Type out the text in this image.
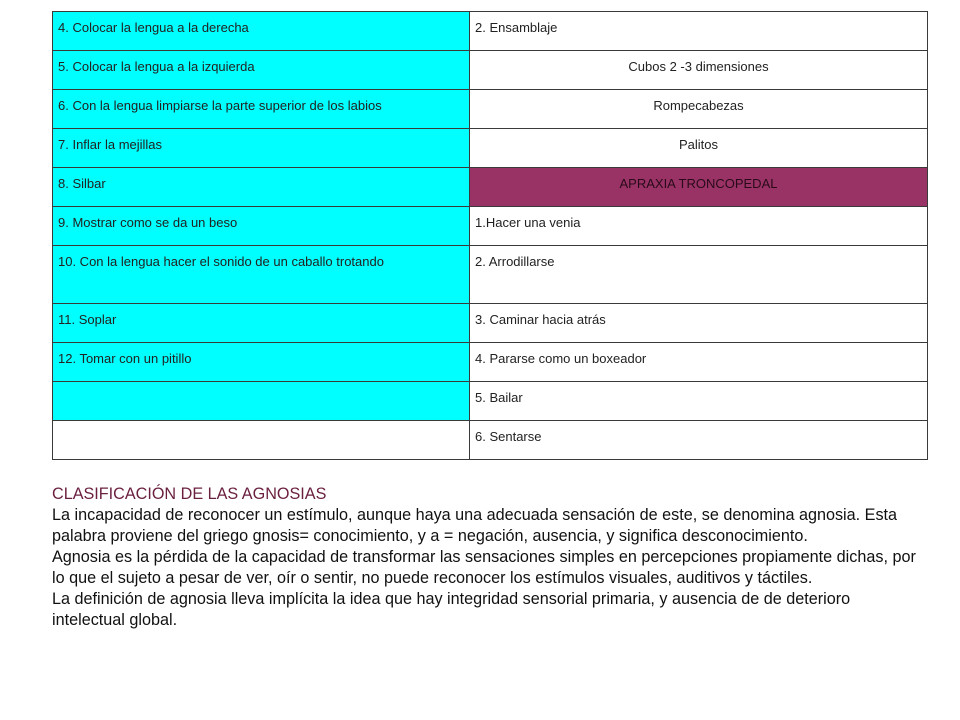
4. Colocar la lengua a la derecha	2. Ensamblaje
5. Colocar la lengua a la izquierda	Cubos 2 -3 dimensiones
6. Con la lengua limpiarse la parte superior de los labios	Rompecabezas
7. Inflar la mejillas	Palitos
8. Silbar	APRAXIA TRONCOPEDAL
9. Mostrar como se da un beso	1.Hacer una venia
10. Con la lengua hacer el sonido de un caballo trotando	2. Arrodillarse
11. Soplar	3. Caminar hacia atrás
12. Tomar con un pitillo	4. Pararse como un boxeador
	5. Bailar
	6. Sentarse

CLASIFICACIÓN DE LAS AGNOSIAS

La incapacidad de reconocer un estímulo, aunque haya una adecuada sensación de este, se denomina agnosia. Esta palabra proviene del griego gnosis= conocimiento, y a = negación, ausencia, y significa desconocimiento.

Agnosia es la pérdida de la capacidad de transformar las sensaciones simples en percepciones propiamente dichas, por lo que el sujeto a pesar de ver, oír o sentir, no puede reconocer los estímulos visuales, auditivos y táctiles.

La definición de agnosia lleva implícita la idea que hay integridad sensorial primaria, y ausencia de de deterioro intelectual global.
